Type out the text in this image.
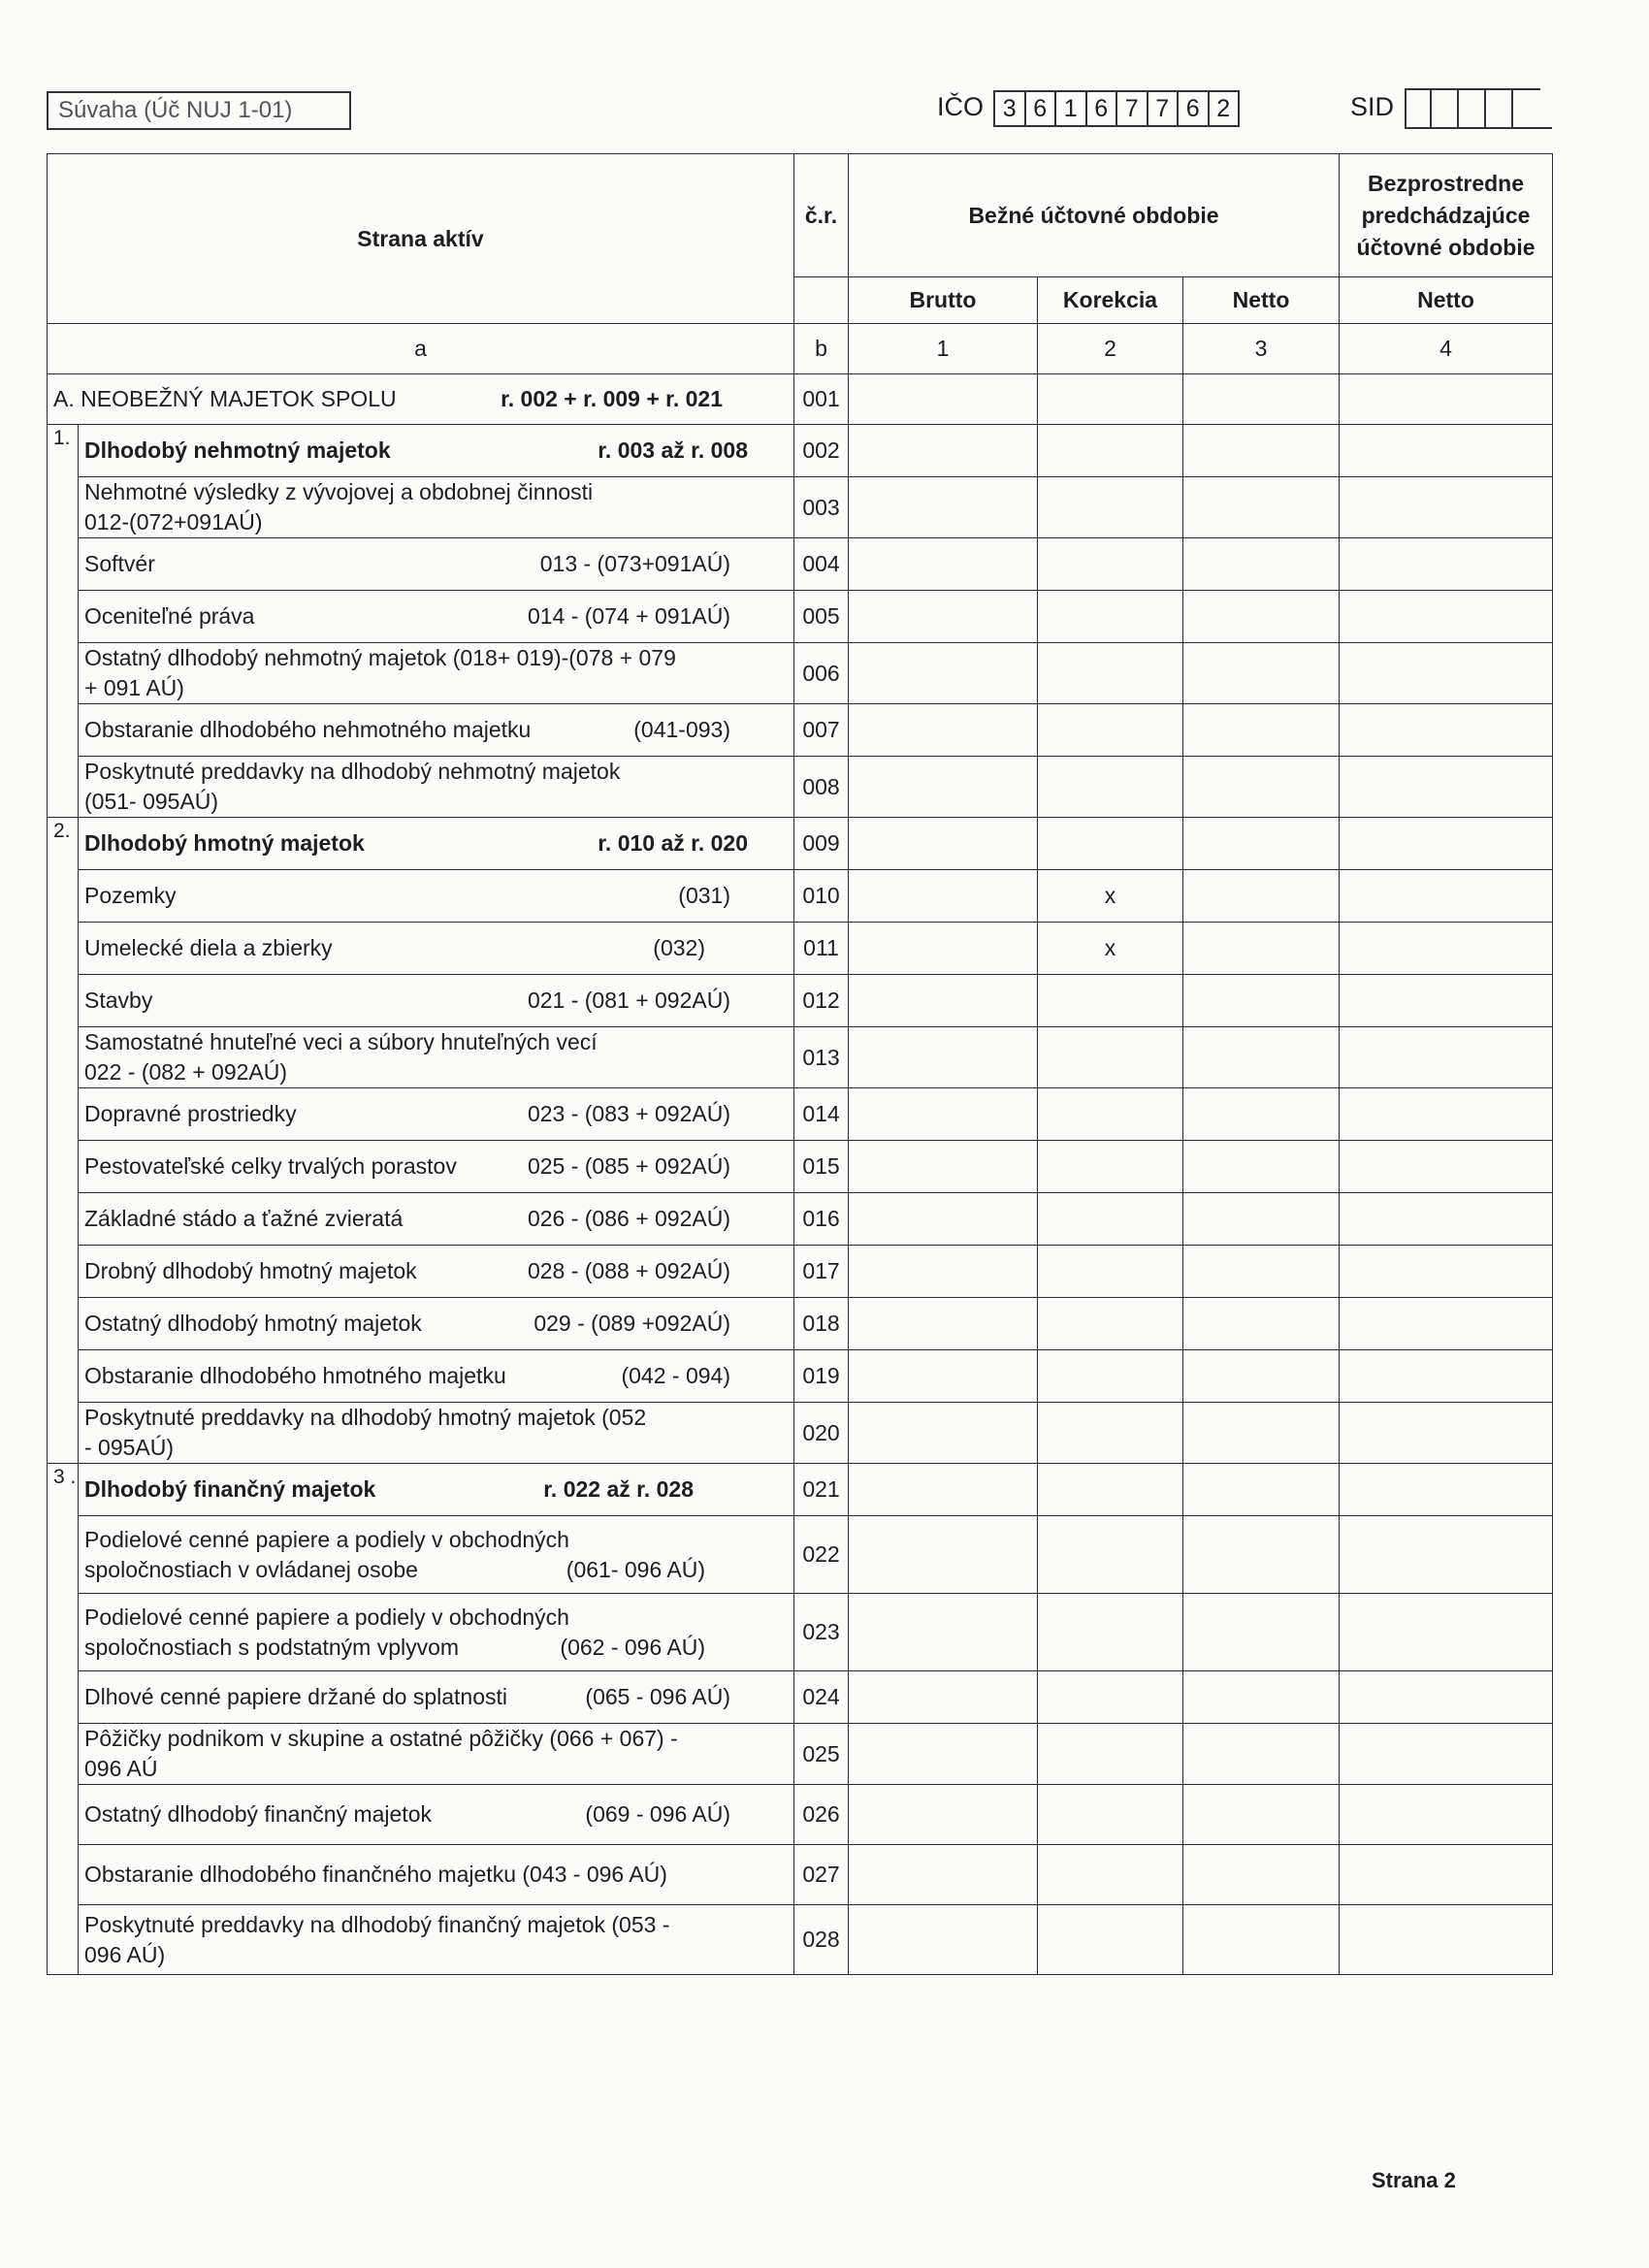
Súvaha (Úč NUJ 1-01)	IČO 3 6 1 6 7 7 6 2	SID
Strana aktív		č.r.	Bežné účtovné obdobie			Bezprostredne predchádzajúce účtovné obdobie
			Brutto	Korekcia	Netto	Netto
a		b	1	2	3	4

A. NEOBEŽNÝ MAJETOK SPOLU r. 002 + r. 009 + r. 021		001				
1.	Dlhodobý nehmotný majetok r. 003 až r. 008	002				

	Nehmotné výsledky z vývojovej a obdobnej činnosti
012-(072+091AÚ)	003				

	Softvér 013 - (073+091AÚ)	004				

	Oceniteľné práva 014 - (074 + 091AÚ)	005				

	Ostatný dlhodobý nehmotný majetok (018+ 019)-(078 + 079
+ 091 AÚ)	006				

	Obstaranie dlhodobého nehmotného majetku (041-093)	007				

	Poskytnuté preddavky na dlhodobý nehmotný majetok
(051- 095AÚ)	008				
2.	Dlhodobý hmotný majetok r. 010 až r. 020	009				

	Pozemky (031)	010		x		

	Umelecké diela a zbierky (032)	011		x		

	Stavby 021 - (081 + 092AÚ)	012				

	Samostatné hnuteľné veci a súbory hnuteľných vecí
022 - (082 + 092AÚ)	013				

	Dopravné prostriedky 023 - (083 + 092AÚ)	014				

	Pestovateľské celky trvalých porastov 025 - (085 + 092AÚ)	015				

	Základné stádo a ťažné zvieratá 026 - (086 + 092AÚ)	016				

	Drobný dlhodobý hmotný majetok 028 - (088 + 092AÚ)	017				

	Ostatný dlhodobý hmotný majetok 029 - (089 +092AÚ)	018				

	Obstaranie dlhodobého hmotného majetku (042 - 094)	019				

	Poskytnuté preddavky na dlhodobý hmotný majetok (052
- 095AÚ)	020				
3 .	Dlhodobý finančný majetok r. 022 až r. 028	021				

	Podielové cenné papiere a podiely v obchodných
spoločnostiach v ovládanej osobe (061- 096 AÚ)	022				

	Podielové cenné papiere a podiely v obchodných
spoločnostiach s podstatným vplyvom (062 - 096 AÚ)	023				

	Dlhové cenné papiere držané do splatnosti (065 - 096 AÚ)	024				

	Pôžičky podnikom v skupine a ostatné pôžičky (066 + 067) -
096 AÚ	025				

	Ostatný dlhodobý finančný majetok (069 - 096 AÚ)	026				

	Obstaranie dlhodobého finančného majetku (043 - 096 AÚ)	027				

	Poskytnuté preddavky na dlhodobý finančný majetok (053 -
096 AÚ)	028				
Strana 2
